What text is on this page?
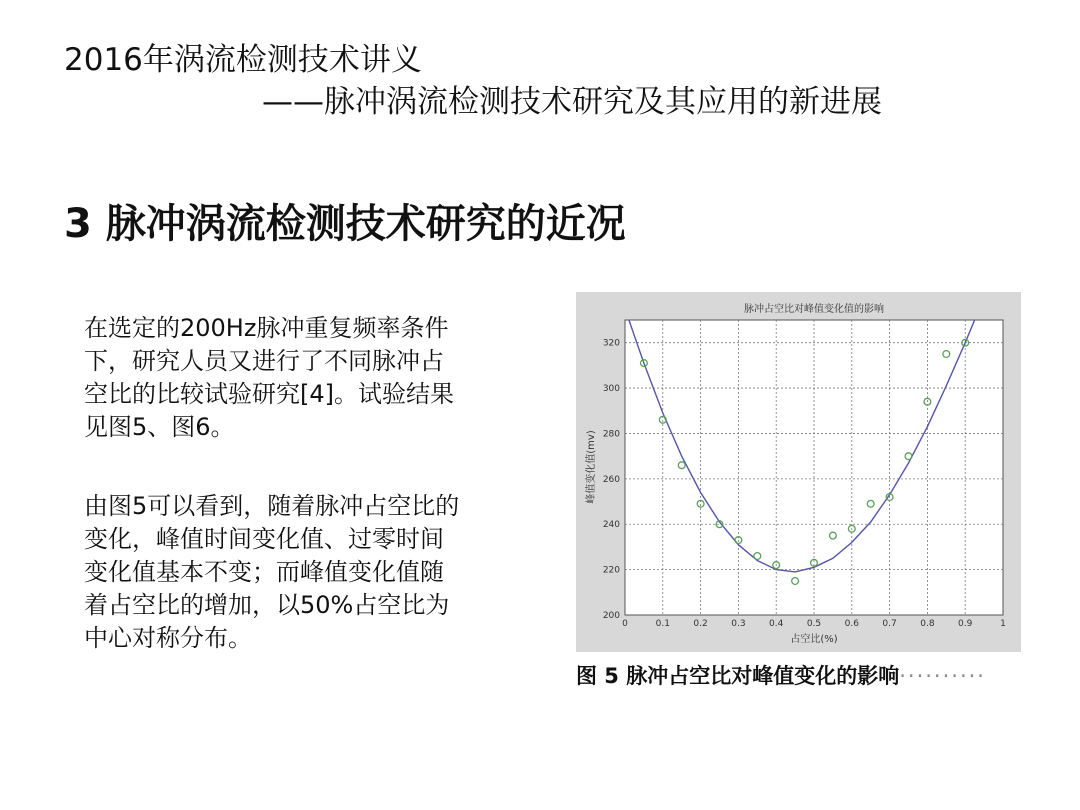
2016年涡流检测技术讲义
——脉冲涡流检测技术研究及其应用的新进展
3 脉冲涡流检测技术研究的近况
在选定的200Hz脉冲重复频率条件
下，研究人员又进行了不同脉冲占
空比的比较试验研究[4]。试验结果
见图5、图6。
由图5可以看到，随着脉冲占空比的
变化，峰值时间变化值、过零时间
变化值基本不变；而峰值变化值随
着占空比的增加，以50%占空比为
中心对称分布。	0	0.1	0.2	0.3	0.4	0.5	0.6	0.7	0.8	0.9	1
200
220
240
260
280
300
320
脉冲占空比对峰值变化值的影响
占空比(%)
峰值变化值(mv)
图 5 脉冲占空比对峰值变化的影响··········
